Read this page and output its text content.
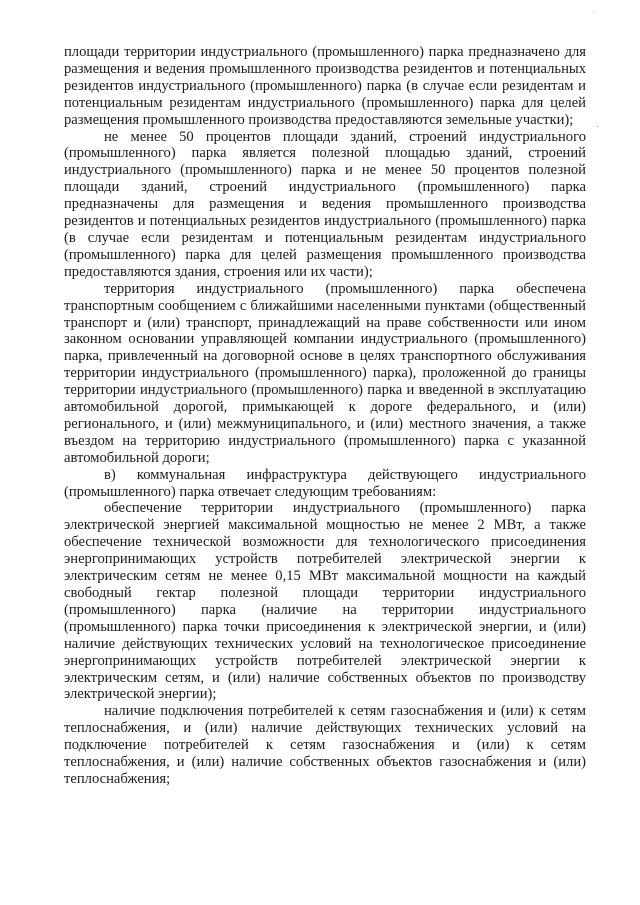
площади территории индустриального (промышленного) парка предназначено для размещения и ведения промышленного производства резидентов и потенциальных резидентов индустриального (промышленного) парка (в случае если резидентам и потенциальным резидентам индустриального (промышленного) парка для целей размещения промышленного производства предоставляются земельные участки);

не менее 50 процентов площади зданий, строений индустриального (промышленного) парка является полезной площадью зданий, строений индустриального (промышленного) парка и не менее 50 процентов полезной площади зданий, строений индустриального (промышленного) парка предназначены для размещения и ведения промышленного производства резидентов и потенциальных резидентов индустриального (промышленного) парка (в случае если резидентам и потенциальным резидентам индустриального (промышленного) парка для целей размещения промышленного производства предоставляются здания, строения или их части);

территория индустриального (промышленного) парка обеспечена транспортным сообщением с ближайшими населенными пунктами (общественный транспорт и (или) транспорт, принадлежащий на праве собственности или ином законном основании управляющей компании индустриального (промышленного) парка, привлеченный на договорной основе в целях транспортного обслуживания территории индустриального (промышленного) парка), проложенной до границы территории индустриального (промышленного) парка и введенной в эксплуатацию автомобильной дорогой, примыкающей к дороге федерального, и (или) регионального, и (или) межмуниципального, и (или) местного значения, а также въездом на территорию индустриального (промышленного) парка с указанной автомобильной дороги;

в) коммунальная инфраструктура действующего индустриального (промышленного) парка отвечает следующим требованиям:

обеспечение территории индустриального (промышленного) парка электрической энергией максимальной мощностью не менее 2 МВт, а также обеспечение технической возможности для технологического присоединения энергопринимающих устройств потребителей электрической энергии к электрическим сетям не менее 0,15 МВт максимальной мощности на каждый свободный гектар полезной площади территории индустриального (промышленного) парка (наличие на территории индустриального (промышленного) парка точки присоединения к электрической энергии, и (или) наличие действующих технических условий на технологическое присоединение энергопринимающих устройств потребителей электрической энергии к электрическим сетям, и (или) наличие собственных объектов по производству электрической энергии);

наличие подключения потребителей к сетям газоснабжения и (или) к сетям теплоснабжения, и (или) наличие действующих технических условий на подключение потребителей к сетям газоснабжения и (или) к сетям теплоснабжения, и (или) наличие собственных объектов газоснабжения и (или) теплоснабжения;
